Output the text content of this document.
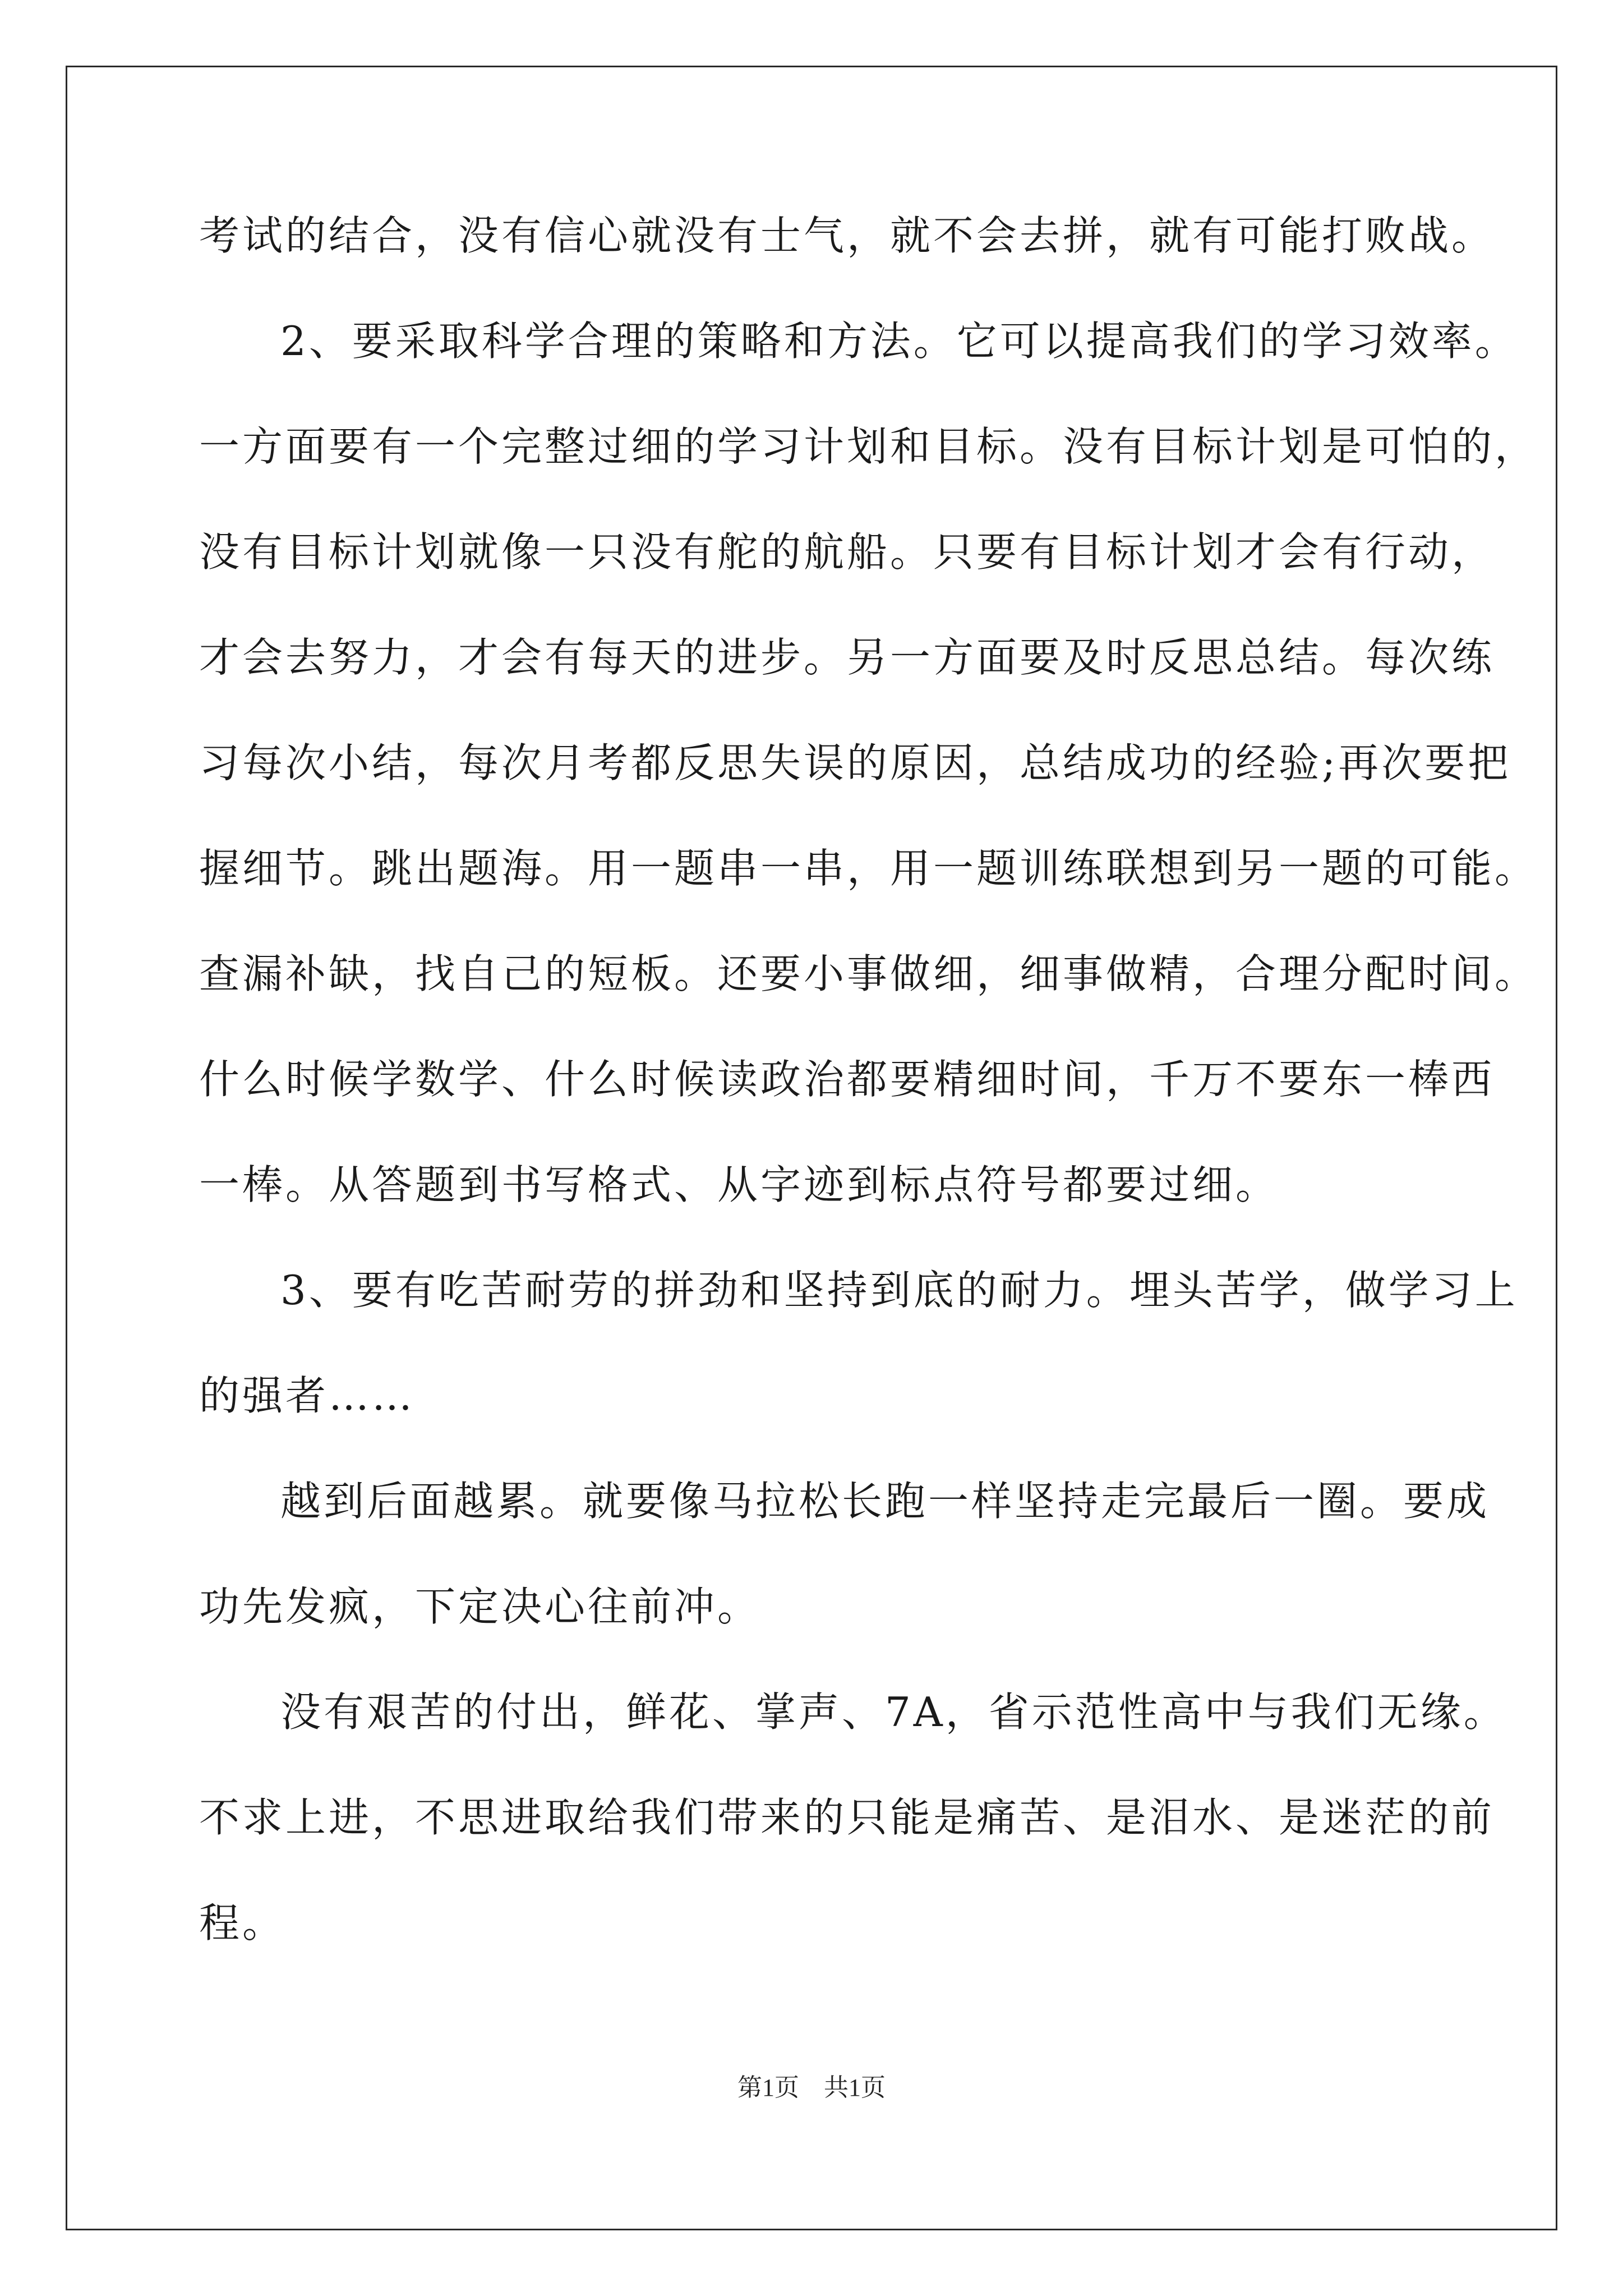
考试的结合，没有信心就没有士气，就不会去拼，就有可能打败战。
2、要采取科学合理的策略和方法。它可以提高我们的学习效率。
一方面要有一个完整过细的学习计划和目标。没有目标计划是可怕的，
没有目标计划就像一只没有舵的航船。只要有目标计划才会有行动，
才会去努力，才会有每天的进步。另一方面要及时反思总结。每次练
习每次小结，每次月考都反思失误的原因，总结成功的经验;再次要把
握细节。跳出题海。用一题串一串，用一题训练联想到另一题的可能。
查漏补缺，找自己的短板。还要小事做细，细事做精，合理分配时间。
什么时候学数学、什么时候读政治都要精细时间，千万不要东一棒西
一棒。从答题到书写格式、从字迹到标点符号都要过细。
3、要有吃苦耐劳的拼劲和坚持到底的耐力。埋头苦学，做学习上
的强者……
越到后面越累。就要像马拉松长跑一样坚持走完最后一圈。要成
功先发疯，下定决心往前冲。
没有艰苦的付出，鲜花、掌声、7A，省示范性高中与我们无缘。
不求上进，不思进取给我们带来的只能是痛苦、是泪水、是迷茫的前
程。
第1页　共1页
